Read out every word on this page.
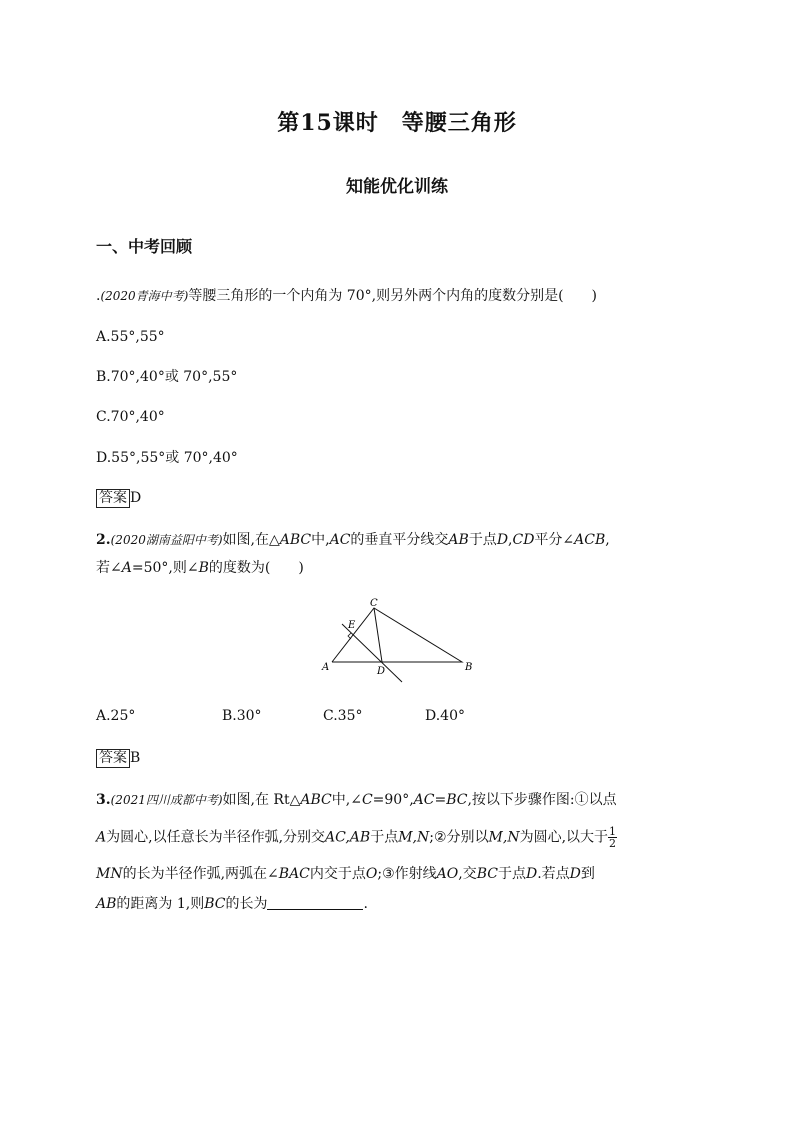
第15课时　等腰三角形
知能优化训练
一、中考回顾
.(2020青海中考)等腰三角形的一个内角为 70°,则另外两个内角的度数分别是(　　)
A.55°,55°
B.70°,40°或 70°,55°
C.70°,40°
D.55°,55°或 70°,40°
答案 D
2.(2020湖南益阳中考)如图,在△ABC中,AC的垂直平分线交AB于点D,CD平分∠ACB,
若∠A=50°,则∠B的度数为(　　)
C
E
A	D	B
A.25°	B.30°	C.35°	D.40°
答案 B
3.(2021四川成都中考)如图,在 Rt△ABC中,∠C=90°,AC=BC,按以下步骤作图:①以点
A为圆心,以任意长为半径作弧,分别交AC,AB于点M,N;②分别以M,N为圆心,以大于 $\frac{1}{2}$
MN的长为半径作弧,两弧在∠BAC内交于点O;③作射线AO,交BC于点D.若点D到
AB的距离为 1,则BC的长为	.
